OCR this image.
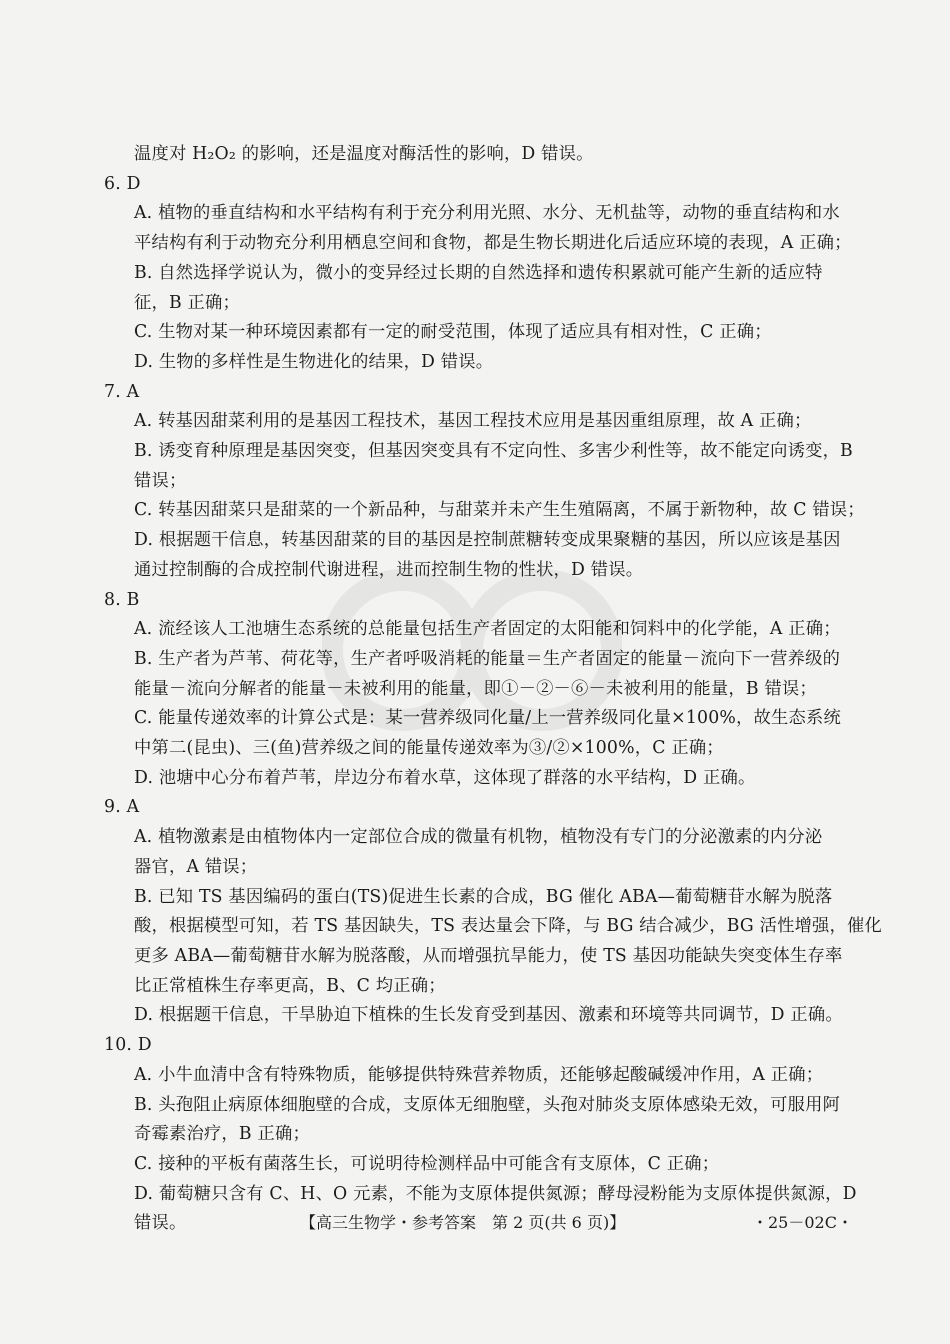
温度对 H₂O₂ 的影响，还是温度对酶活性的影响，D 错误。

6. D

A. 植物的垂直结构和水平结构有利于充分利用光照、水分、无机盐等，动物的垂直结构和水

平结构有利于动物充分利用栖息空间和食物，都是生物长期进化后适应环境的表现，A 正确；

B. 自然选择学说认为，微小的变异经过长期的自然选择和遗传积累就可能产生新的适应特

征，B 正确；

C. 生物对某一种环境因素都有一定的耐受范围，体现了适应具有相对性，C 正确；

D. 生物的多样性是生物进化的结果，D 错误。

7. A

A. 转基因甜菜利用的是基因工程技术，基因工程技术应用是基因重组原理，故 A 正确；

B. 诱变育种原理是基因突变，但基因突变具有不定向性、多害少利性等，故不能定向诱变，B

错误；

C. 转基因甜菜只是甜菜的一个新品种，与甜菜并未产生生殖隔离，不属于新物种，故 C 错误；

D. 根据题干信息，转基因甜菜的目的基因是控制蔗糖转变成果聚糖的基因，所以应该是基因

通过控制酶的合成控制代谢进程，进而控制生物的性状，D 错误。

8. B

A. 流经该人工池塘生态系统的总能量包括生产者固定的太阳能和饲料中的化学能，A 正确；

B. 生产者为芦苇、荷花等，生产者呼吸消耗的能量＝生产者固定的能量－流向下一营养级的

能量－流向分解者的能量－未被利用的能量，即①－②－⑥－未被利用的能量，B 错误；

C. 能量传递效率的计算公式是：某一营养级同化量/上一营养级同化量×100%，故生态系统

中第二(昆虫)、三(鱼)营养级之间的能量传递效率为③/②×100%，C 正确；

D. 池塘中心分布着芦苇，岸边分布着水草，这体现了群落的水平结构，D 正确。

9. A

A. 植物激素是由植物体内一定部位合成的微量有机物，植物没有专门的分泌激素的内分泌

器官，A 错误；

B. 已知 TS 基因编码的蛋白(TS)促进生长素的合成，BG 催化 ABA—葡萄糖苷水解为脱落

酸，根据模型可知，若 TS 基因缺失，TS 表达量会下降，与 BG 结合减少，BG 活性增强，催化

更多 ABA—葡萄糖苷水解为脱落酸，从而增强抗旱能力，使 TS 基因功能缺失突变体生存率

比正常植株生存率更高，B、C 均正确；

D. 根据题干信息，干旱胁迫下植株的生长发育受到基因、激素和环境等共同调节，D 正确。

10. D

A. 小牛血清中含有特殊物质，能够提供特殊营养物质，还能够起酸碱缓冲作用，A 正确；

B. 头孢阻止病原体细胞壁的合成，支原体无细胞壁，头孢对肺炎支原体感染无效，可服用阿

奇霉素治疗，B 正确；

C. 接种的平板有菌落生长，可说明待检测样品中可能含有支原体，C 正确；

D. 葡萄糖只含有 C、H、O 元素，不能为支原体提供氮源；酵母浸粉能为支原体提供氮源，D

错误。	【高三生物学・参考答案　第 2 页(共 6 页)】	・25－02C・
